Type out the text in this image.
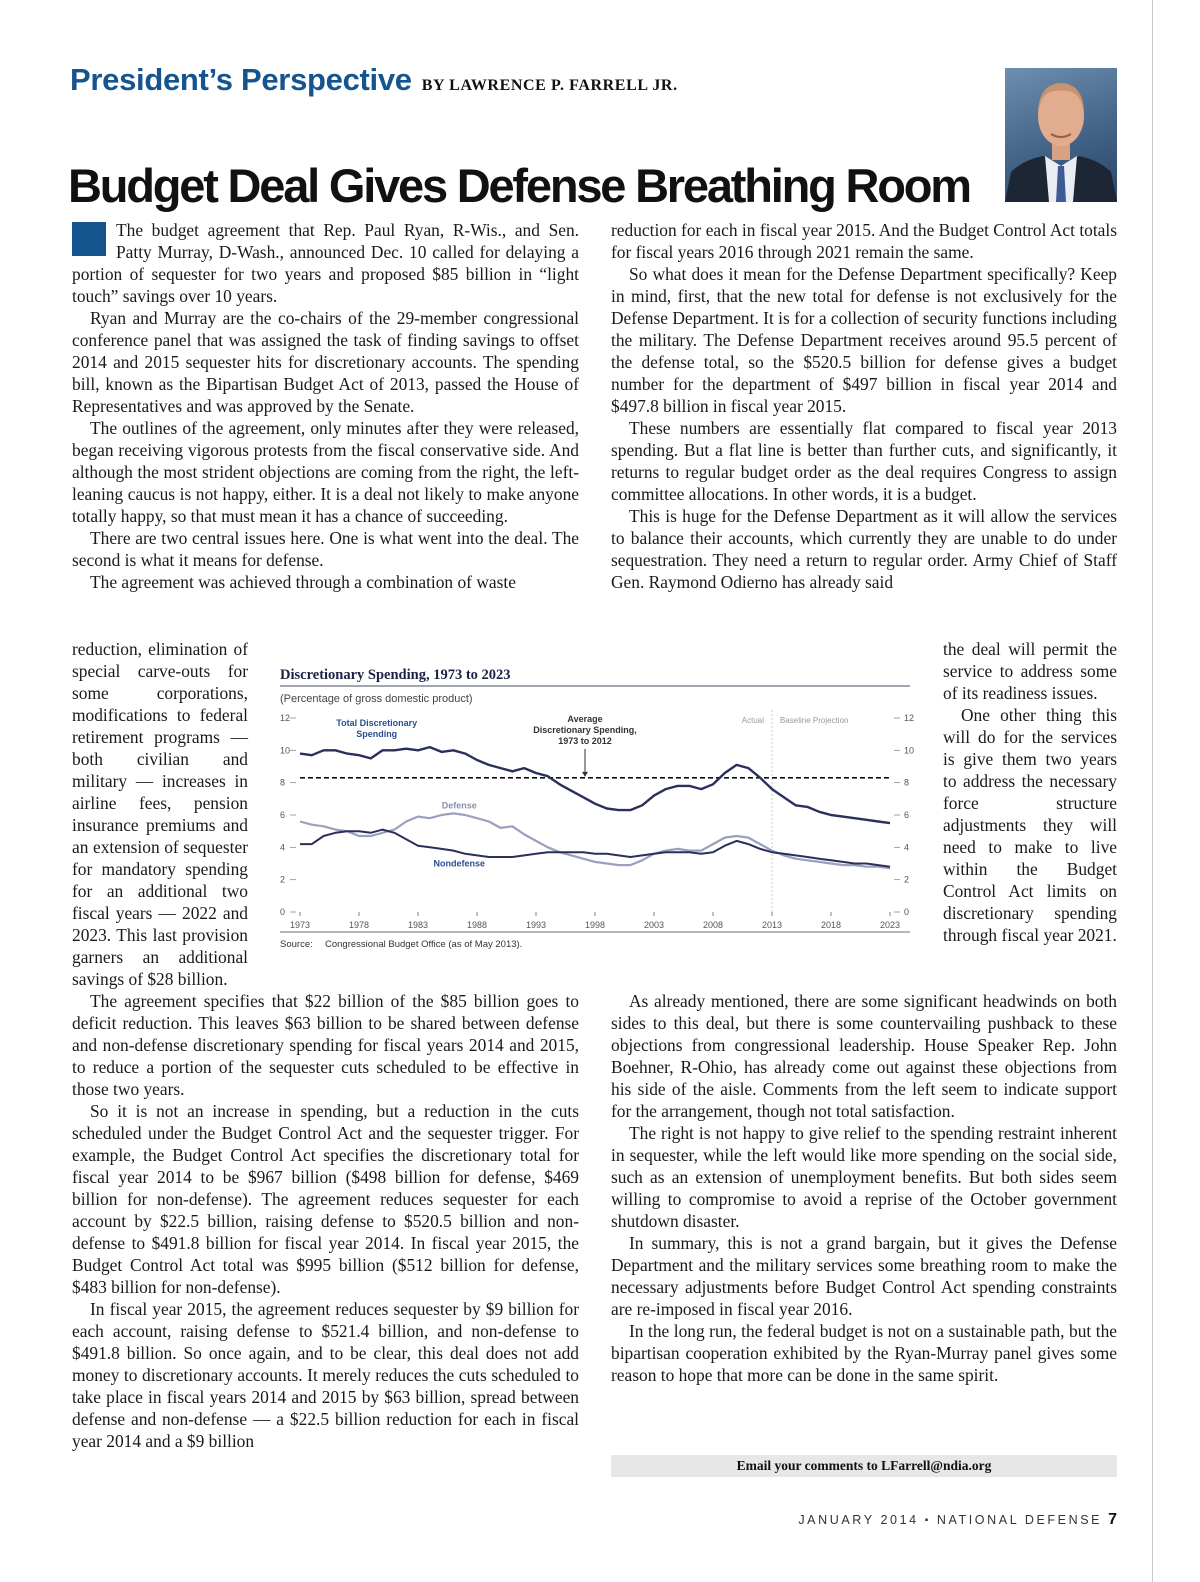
President’s Perspective BY LAWRENCE P. FARRELL JR.
Budget Deal Gives Defense Breathing Room

The budget agreement that Rep. Paul Ryan, R-Wis., and Sen. Patty Murray, D-Wash., announced Dec. 10 called for delaying a portion of sequester for two years and proposed $85 billion in “light touch” savings over 10 years.

Ryan and Murray are the co-chairs of the 29-member congressional conference panel that was assigned the task of finding savings to offset 2014 and 2015 sequester hits for discretionary accounts. The spending bill, known as the Bipartisan Budget Act of 2013, passed the House of Representatives and was approved by the Senate.

The outlines of the agreement, only minutes after they were released, began receiving vigorous protests from the fiscal conservative side. And although the most strident objections are coming from the right, the left-leaning caucus is not happy, either. It is a deal not likely to make anyone totally happy, so that must mean it has a chance of succeeding.

There are two central issues here. One is what went into the deal. The second is what it means for defense.

The agreement was achieved through a combination of waste

reduction, elimination of special carve-outs for some corporations, modifications to federal retirement programs — both civilian and military — increases in airline fees, pension insurance premiums and an extension of sequester for mandatory spending for an additional two fiscal years — 2022 and 2023. This last provision garners an additional savings of $28 billion.

The agreement specifies that $22 billion of the $85 billion goes to deficit reduction. This leaves $63 billion to be shared between defense and non-defense discretionary spending for fiscal years 2014 and 2015, to reduce a portion of the sequester cuts scheduled to be effective in those two years.

So it is not an increase in spending, but a reduction in the cuts scheduled under the Budget Control Act and the sequester trigger. For example, the Budget Control Act specifies the discretionary total for fiscal year 2014 to be $967 billion ($498 billion for defense, $469 billion for non-defense). The agreement reduces sequester for each account by $22.5 billion, raising defense to $520.5 billion and non-defense to $491.8 billion for fiscal year 2014. In fiscal year 2015, the Budget Control Act total was $995 billion ($512 billion for defense, $483 billion for non-defense).

In fiscal year 2015, the agreement reduces sequester by $9 billion for each account, raising defense to $521.4 billion, and non-defense to $491.8 billion. So once again, and to be clear, this deal does not add money to discretionary accounts. It merely reduces the cuts scheduled to take place in fiscal years 2014 and 2015 by $63 billion, spread between defense and non-defense — a $22.5 billion reduction for each in fiscal year 2014 and a $9 billion

reduction for each in fiscal year 2015. And the Budget Control Act totals for fiscal years 2016 through 2021 remain the same.

So what does it mean for the Defense Department specifically? Keep in mind, first, that the new total for defense is not exclusively for the Defense Department. It is for a collection of security functions including the military. The Defense Department receives around 95.5 percent of the defense total, so the $520.5 billion for defense gives a budget number for the department of $497 billion in fiscal year 2014 and $497.8 billion in fiscal year 2015.

These numbers are essentially flat compared to fiscal year 2013 spending. But a flat line is better than further cuts, and significantly, it returns to regular budget order as the deal requires Congress to assign committee allocations. In other words, it is a budget.

This is huge for the Defense Department as it will allow the services to balance their accounts, which currently they are unable to do under sequestration. They need a return to regular order. Army Chief of Staff Gen. Raymond Odierno has already said

the deal will permit the service to address some of its readiness issues.

One other thing this will do for the services is give them two years to address the necessary force structure adjustments they will need to make to live within the Budget Control Act limits on discretionary spending through fiscal year 2021.

As already mentioned, there are some significant headwinds on both sides to this deal, but there is some countervailing pushback to these objections from congressional leadership. House Speaker Rep. John Boehner, R-Ohio, has already come out against these objections from his side of the aisle. Comments from the left seem to indicate support for the arrangement, though not total satisfaction.

The right is not happy to give relief to the spending restraint inherent in sequester, while the left would like more spending on the social side, such as an extension of unemployment benefits. But both sides seem willing to compromise to avoid a reprise of the October government shutdown disaster.

In summary, this is not a grand bargain, but it gives the Defense Department and the military services some breathing room to make the necessary adjustments before Budget Control Act spending constraints are re-imposed in fiscal year 2016.

In the long run, the federal budget is not on a sustainable path, but the bipartisan cooperation exhibited by the Ryan-Murray panel gives some reason to hope that more can be done in the same spirit.

Discretionary Spending, 1973 to 2023
(Percentage of gross domestic product)
0	0
2	2
4	4
6	6
8	8
10	10
12	12
1973	1978	1983	1988	1993	1998	2003	2008	2013	2018	2023
Actual Baseline Projection
Average
Discretionary Spending,
1973 to 2012
Total Discretionary
Spending
Defense
Nondefense
Source: Congressional Budget Office (as of May 2013).
Email your comments to LFarrell@ndia.org
JANUARY 2014 ▪ NATIONAL DEFENSE 7
